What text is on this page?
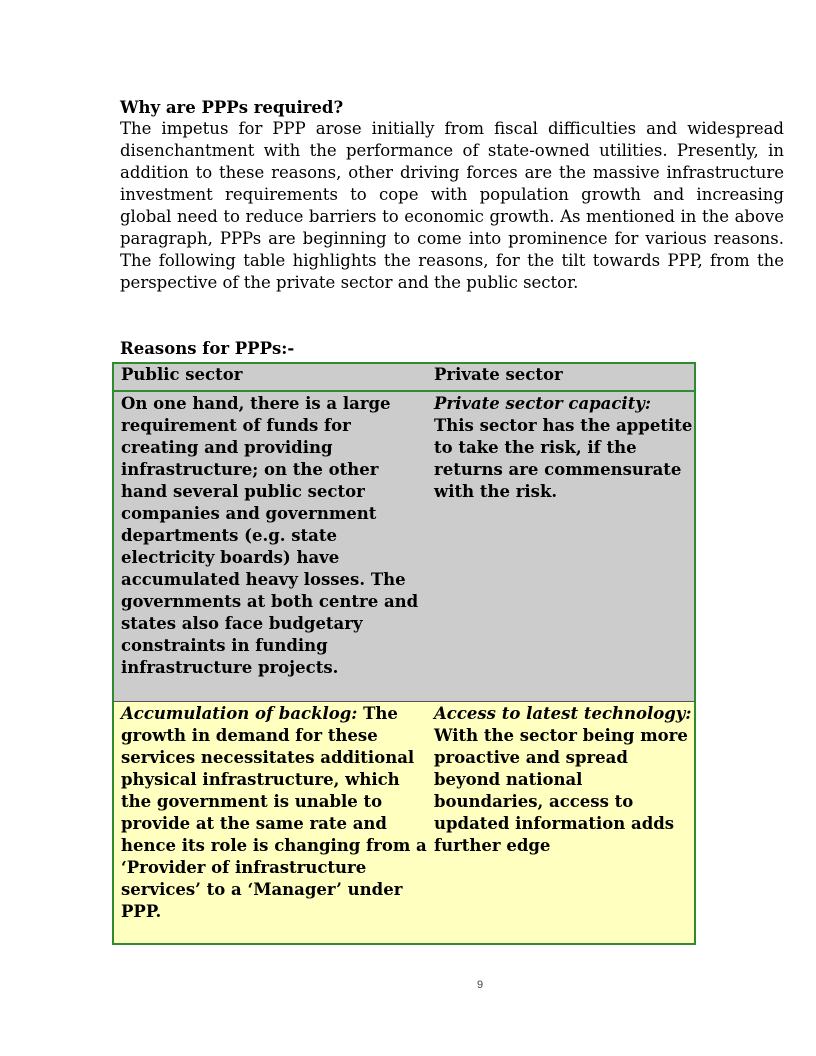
Why are PPPs required?
The impetus for PPP arose initially from fiscal difficulties and widespread disenchantment with the performance of state-owned utilities. Presently, in addition to these reasons, other driving forces are the massive infrastructure investment requirements to cope with population growth and increasing global need to reduce barriers to economic growth. As mentioned in the above paragraph, PPPs are beginning to come into prominence for various reasons. The following table highlights the reasons, for the tilt towards PPP, from the perspective of the private sector and the public sector.
Reasons for PPPs:-
Public sector	Private sector
On one hand, there is a large requirement of funds for creating and providing infrastructure; on the other hand several public sector companies and government departments (e.g. state electricity boards) have accumulated heavy losses. The governments at both centre and states also face budgetary constraints in funding infrastructure projects.	Private sector capacity: This sector has the appetite to take the risk, if the returns are commensurate with the risk.
Accumulation of backlog: The growth in demand for these services necessitates additional physical infrastructure, which the government is unable to provide at the same rate and hence its role is changing from a ‘Provider of infrastructure services’ to a ‘Manager’ under PPP.	Access to latest technology: With the sector being more proactive and spread beyond national boundaries, access to updated information adds further edge
9
